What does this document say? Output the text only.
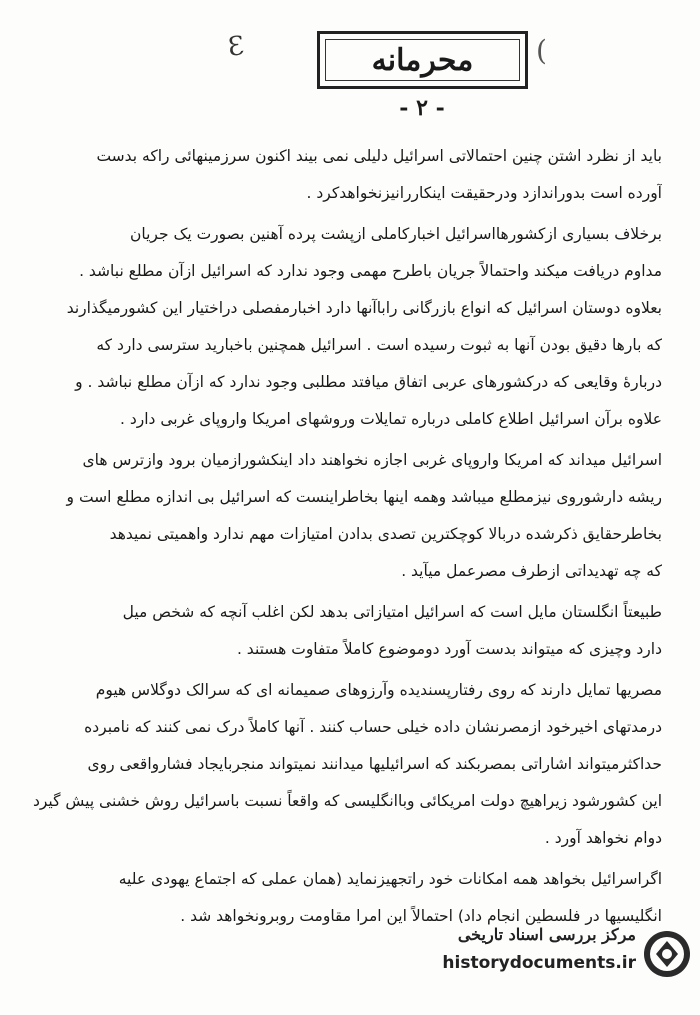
Ɛ	محرمانه (
- ۲ -
باید از نظرد اشتن چنین احتمالاتی اسرائیل دلیلی نمی بیند اکنون سرزمینهائی راکه بدست
آورده است بدوراندازد ودرحقیقت اینکاررانیزنخواهدکرد .
برخلاف بسیاری ازکشورهااسرائیل اخبارکاملی ازپشت پرده آهنین بصورت یک جریان
مداوم دریافت میکند واحتمالاً جریان باطرح مهمی وجود ندارد که اسرائیل ازآن مطلع نباشد .
بعلاوه دوستان اسرائیل که انواع بازرگانی راباآنها دارد اخبارمفصلی دراختیار این کشورمیگذارند
که بارها دقیق بودن آنها به ثبوت رسیده است . اسرائیل همچنین باخبارید سترسی دارد که
دربارۀ وقایعی که درکشورهای عربی اتفاق میافتد مطلبی وجود ندارد که ازآن مطلع نباشد . و
علاوه برآن اسرائیل اطلاع کاملی درباره تمایلات وروشهای امریکا واروپای غربی دارد .
اسرائیل میداند که امریکا واروپای غربی اجازه نخواهند داد اینکشورازمیان برود وازترس های
ریشه دارشوروی نیزمطلع میباشد وهمه اینها بخاطراینست که اسرائیل بی اندازه مطلع است و
بخاطرحقایق ذکرشده دربالا کوچکترین تصدی بدادن امتیازات مهم ندارد واهمیتی نمیدهد
که چه تهدیداتی ازطرف مصرعمل میآید .
طبیعتاً انگلستان مایل است که اسرائیل امتیازاتی بدهد لکن اغلب آنچه که شخص میل
دارد وچیزی که میتواند بدست آورد دوموضوع کاملاً متفاوت هستند .
مصریها تمایل دارند که روی رفتارپسندیده وآرزوهای صمیمانه ای که سرالک دوگلاس هیوم
درمدتهای اخیرخود ازمصرنشان داده خیلی حساب کنند . آنها کاملاً درک نمی کنند که نامبرده
حداکثرمیتواند اشاراتی بمصربکند که اسرائیلیها میدانند نمیتواند منجربایجاد فشارواقعی روی
این کشورشود زیراهیچ دولت امریکائی وباانگلیسی که واقعاً نسبت باسرائیل روش خشنی پیش گیرد
دوام نخواهد آورد .
اگراسرائیل بخواهد همه امکانات خود راتجهیزنماید (همان عملی که اجتماع یهودی علیه
انگلیسیها در فلسطین انجام داد) احتمالاً این امرا مقاومت روبرونخواهد شد .
مرکز بررسی اسناد تاریخی
historydocuments.ir
